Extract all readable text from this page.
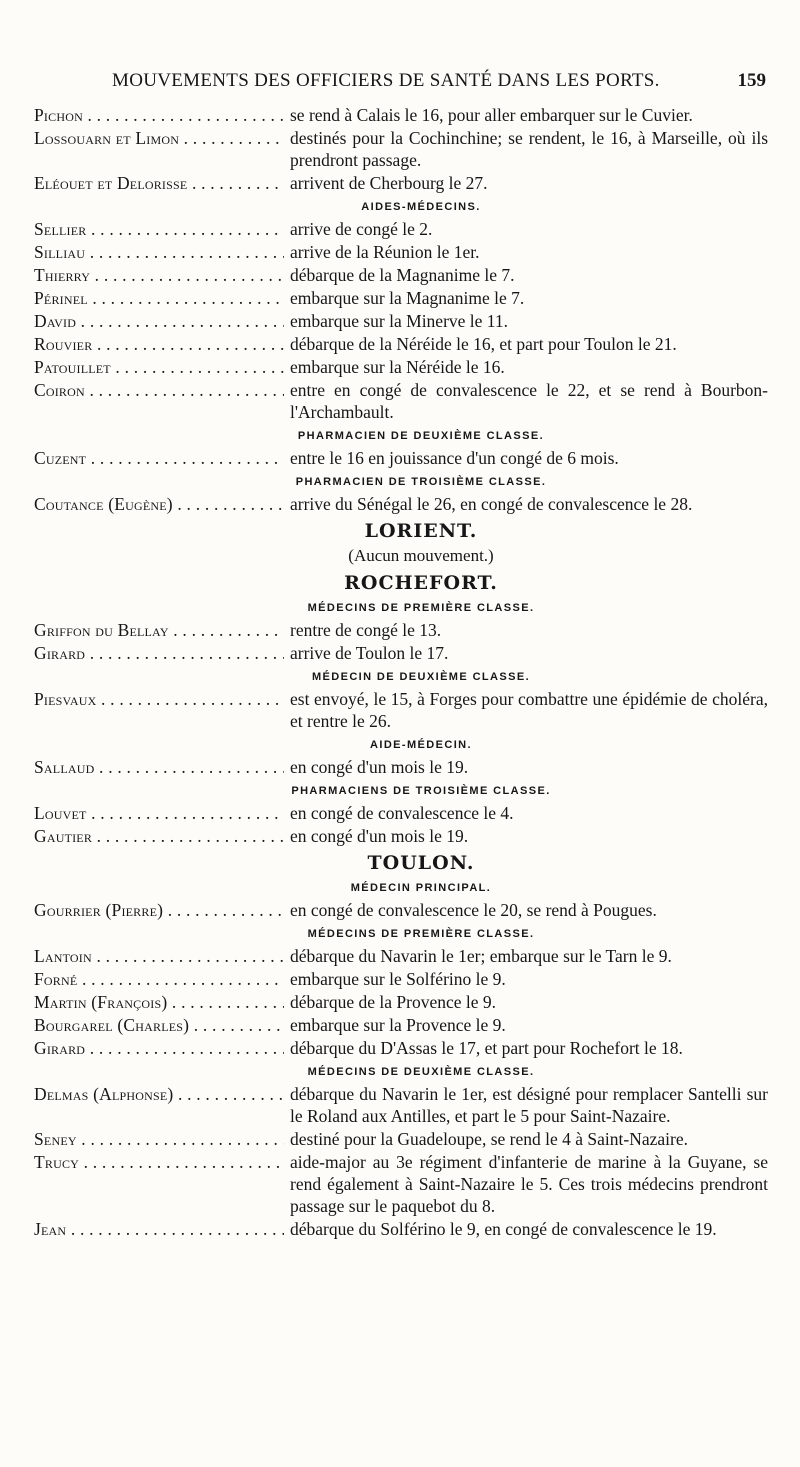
MOUVEMENTS DES OFFICIERS DE SANTÉ DANS LES PORTS.	159
Pichon . . .	se rend à Calais le 16, pour aller embarquer sur le Cuvier.
Lossouarn et Limon . . .	destinés pour la Cochinchine; se rendent, le 16, à Marseille, où ils prendront passage.
Eléouet et Delorisse . . .	arrivent de Cherbourg le 27.
AIDES-MÉDECINS.
Sellier . . .	arrive de congé le 2.
Silliau . . .	arrive de la Réunion le 1er.
Thierry . . .	débarque de la Magnanime le 7.
Périnel . . .	embarque sur la Magnanime le 7.
David . . .	embarque sur la Minerve le 11.
Rouvier . . .	débarque de la Néréide le 16, et part pour Toulon le 21.
Patouillet . . .	embarque sur la Néréide le 16.
Coiron . . .	entre en congé de convalescence le 22, et se rend à Bourbon-l'Archambault.
PHARMACIEN DE DEUXIÈME CLASSE.
Cuzent . . .	entre le 16 en jouissance d'un congé de 6 mois.
PHARMACIEN DE TROISIÈME CLASSE.
Coutance (Eugène) . . .	arrive du Sénégal le 26, en congé de convalescence le 28.
LORIENT.
(Aucun mouvement.)
ROCHEFORT.
MÉDECINS DE PREMIÈRE CLASSE.
Griffon du Bellay . . .	rentre de congé le 13.
Girard . . .	arrive de Toulon le 17.
MÉDECIN DE DEUXIÈME CLASSE.
Piesvaux . . .	est envoyé, le 15, à Forges pour combattre une épidémie de choléra, et rentre le 26.
AIDE-MÉDECIN.
Sallaud . . .	en congé d'un mois le 19.
PHARMACIENS DE TROISIÈME CLASSE.
Louvet . . .	en congé de convalescence le 4.
Gautier . . .	en congé d'un mois le 19.
TOULON.
MÉDECIN PRINCIPAL.
Gourrier (Pierre) . . .	en congé de convalescence le 20, se rend à Pougues.
MÉDECINS DE PREMIÈRE CLASSE.
Lantoin . . .	débarque du Navarin le 1er; embarque sur le Tarn le 9.
Forné . . .	embarque sur le Solférino le 9.
Martin (François) . . .	débarque de la Provence le 9.
Bourgarel (Charles) . . .	embarque sur la Provence le 9.
Girard . . .	débarque du D'Assas le 17, et part pour Rochefort le 18.
MÉDECINS DE DEUXIÈME CLASSE.
Delmas (Alphonse) . . .	débarque du Navarin le 1er, est désigné pour remplacer Santelli sur le Roland aux Antilles, et part le 5 pour Saint-Nazaire.
Seney . . .	destiné pour la Guadeloupe, se rend le 4 à Saint-Nazaire.
Trucy . . .	aide-major au 3e régiment d'infanterie de marine à la Guyane, se rend également à Saint-Nazaire le 5. Ces trois médecins prendront passage sur le paquebot du 8.
Jean . . .	débarque du Solférino le 9, en congé de convalescence le 19.
